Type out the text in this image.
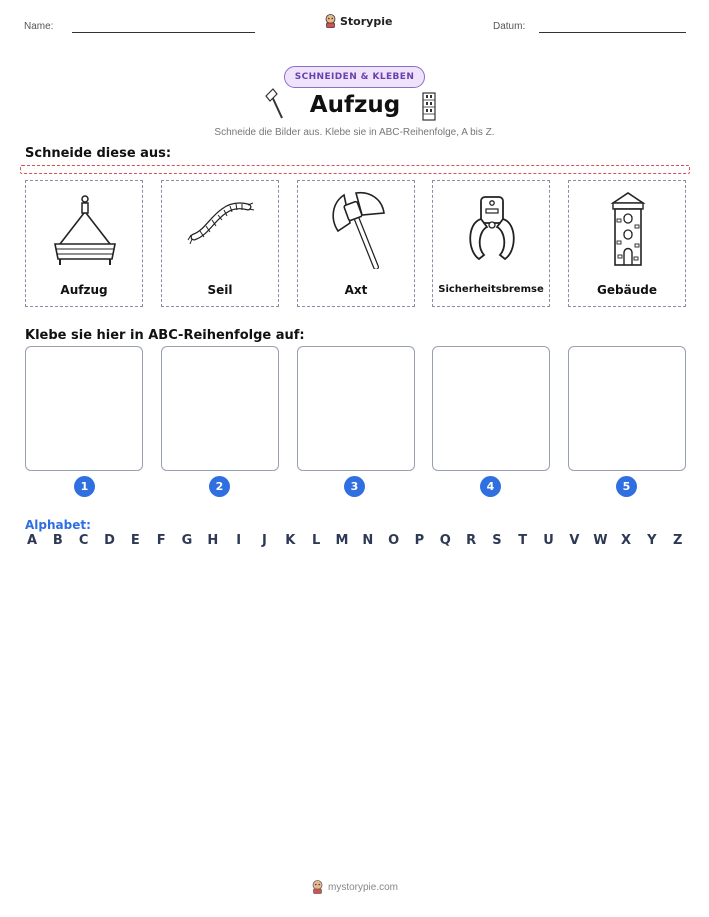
Name:	Storypie	Datum:
SCHNEIDEN & KLEBEN
Aufzug
Schneide die Bilder aus. Klebe sie in ABC-Reihenfolge, A bis Z.
Schneide diese aus:
Aufzug	Seil	Axt	Sicherheitsbremse	Gebäude
Klebe sie hier in ABC-Reihenfolge auf:
1	2	3	4	5
Alphabet:
A B C D E F G H	I	J	K L M N O P Q R S T U V W X Y Z
mystorypie.com
